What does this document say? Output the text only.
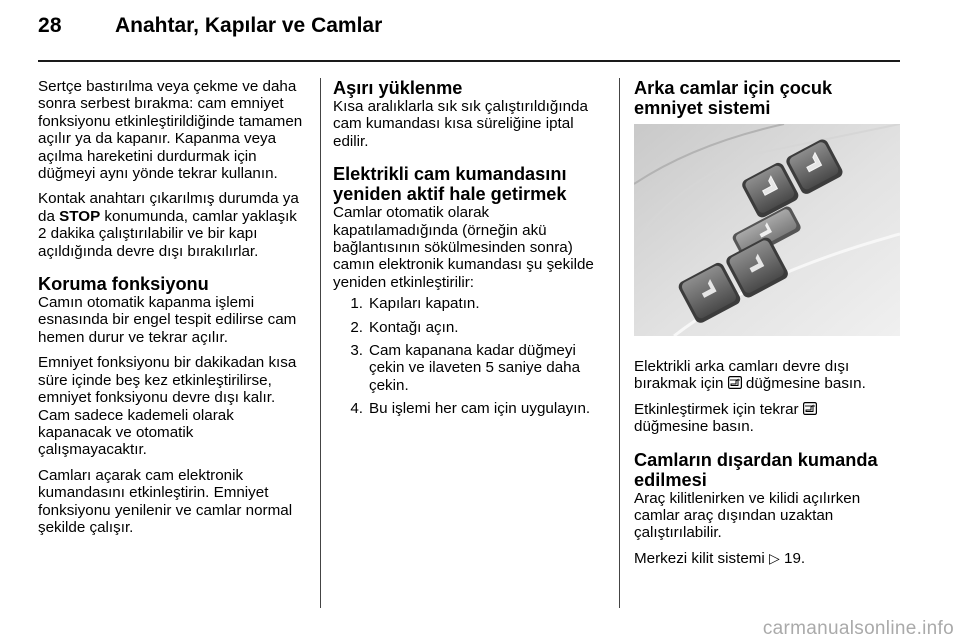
28	Anahtar, Kapılar ve Camlar

Sertçe bastırılma veya çekme ve daha sonra serbest bırakma: cam emniyet fonksiyonu etkinleştirildiğinde tamamen açılır ya da kapanır. Kapanma veya açılma hareketini durdurmak için düğmeyi aynı yönde tekrar kullanın.

Kontak anahtarı çıkarılmış durumda ya da STOP konumunda, camlar yaklaşık 2 dakika çalıştırılabilir ve bir kapı açıldığında devre dışı bırakılırlar.

Koruma fonksiyonu

Camın otomatik kapanma işlemi esnasında bir engel tespit edilirse cam hemen durur ve tekrar açılır.

Emniyet fonksiyonu bir dakikadan kısa süre içinde beş kez etkinleştirilirse, emniyet fonksiyonu devre dışı kalır. Cam sadece kademeli olarak kapanacak ve otomatik çalışmayacaktır.

Camları açarak cam elektronik kumandasını etkinleştirin. Emniyet fonksiyonu yenilenir ve camlar normal şekilde çalışır.

Aşırı yüklenme

Kısa aralıklarla sık sık çalıştırıldığında cam kumandası kısa süreliğine iptal edilir.

Elektrikli cam kumandasını yeniden aktif hale getirmek

Camlar otomatik olarak kapatılamadığında (örneğin akü bağlantısının sökülmesinden sonra) camın elektronik kumandası şu şekilde yeniden etkinleştirilir:

1. Kapıları kapatın.
2. Kontağı açın.
3. Cam kapanana kadar düğmeyi çekin ve ilaveten 5 saniye daha çekin.
4. Bu işlemi her cam için uygulayın.
Arka camlar için çocuk emniyet sistemi

Elektrikli arka camları devre dışı bırakmak için  düğmesine basın.

Etkinleştirmek için tekrar
düğmesine basın.

Camların dışardan kumanda edilmesi

Araç kilitlenirken ve kilidi açılırken camlar araç dışından uzaktan çalıştırılabilir.

Merkezi kilit sistemi ▷ 19.

carmanualsonline.info
